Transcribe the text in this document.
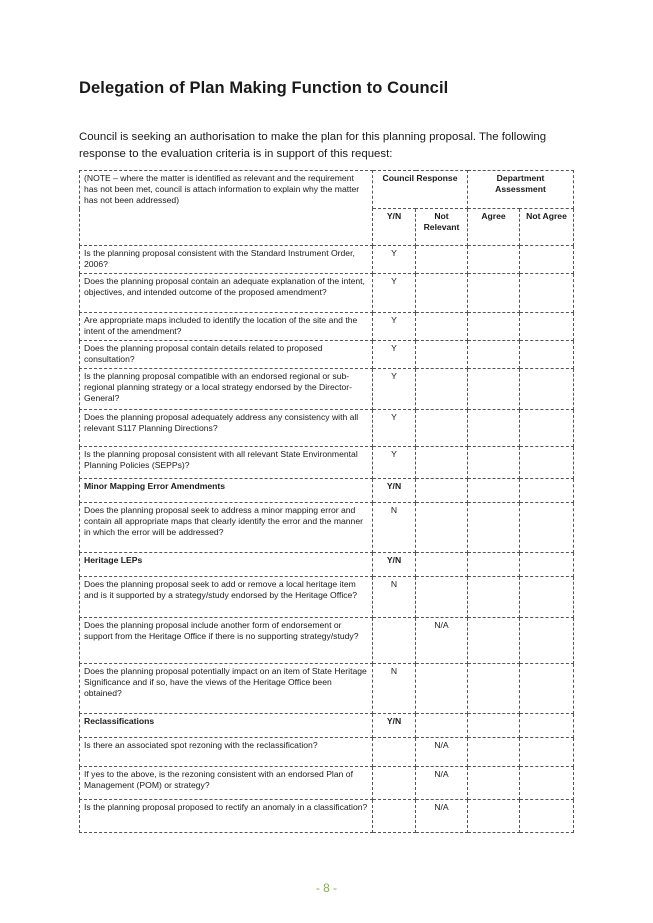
Delegation of Plan Making Function to Council

Council is seeking an authorisation to make the plan for this planning proposal. The following response to the evaluation criteria is in support of this request:

(NOTE – where the matter is identified as relevant and the requirement has not been met, council is attach information to explain why the matter has not been addressed)	Council Response		Department Assessment	
	Y/N	Not Relevant	Agree	Not Agree
Is the planning proposal consistent with the Standard Instrument Order, 2006?	Y			
Does the planning proposal contain an adequate explanation of the intent, objectives, and intended outcome of the proposed amendment?	Y			
Are appropriate maps included to identify the location of the site and the intent of the amendment?	Y			
Does the planning proposal contain details related to proposed consultation?	Y			
Is the planning proposal compatible with an endorsed regional or sub-regional planning strategy or a local strategy endorsed by the Director-General?	Y			
Does the planning proposal adequately address any consistency with all relevant S117 Planning Directions?	Y			
Is the planning proposal consistent with all relevant State Environmental Planning Policies (SEPPs)?	Y			
Minor Mapping Error Amendments	Y/N			
Does the planning proposal seek to address a minor mapping error and contain all appropriate maps that clearly identify the error and the manner in which the error will be addressed?	N			
Heritage LEPs	Y/N			
Does the planning proposal seek to add or remove a local heritage item and is it supported by a strategy/study endorsed by the Heritage Office?	N			
Does the planning proposal include another form of endorsement or support from the Heritage Office if there is no supporting strategy/study?		N/A		
Does the planning proposal potentially impact on an item of State Heritage Significance and if so, have the views of the Heritage Office been obtained?	N			
Reclassifications	Y/N			
Is there an associated spot rezoning with the reclassification?		N/A		
If yes to the above, is the rezoning consistent with an endorsed Plan of Management (POM) or strategy?		N/A		
Is the planning proposal proposed to rectify an anomaly in a classification?		N/A		
- 8 -
